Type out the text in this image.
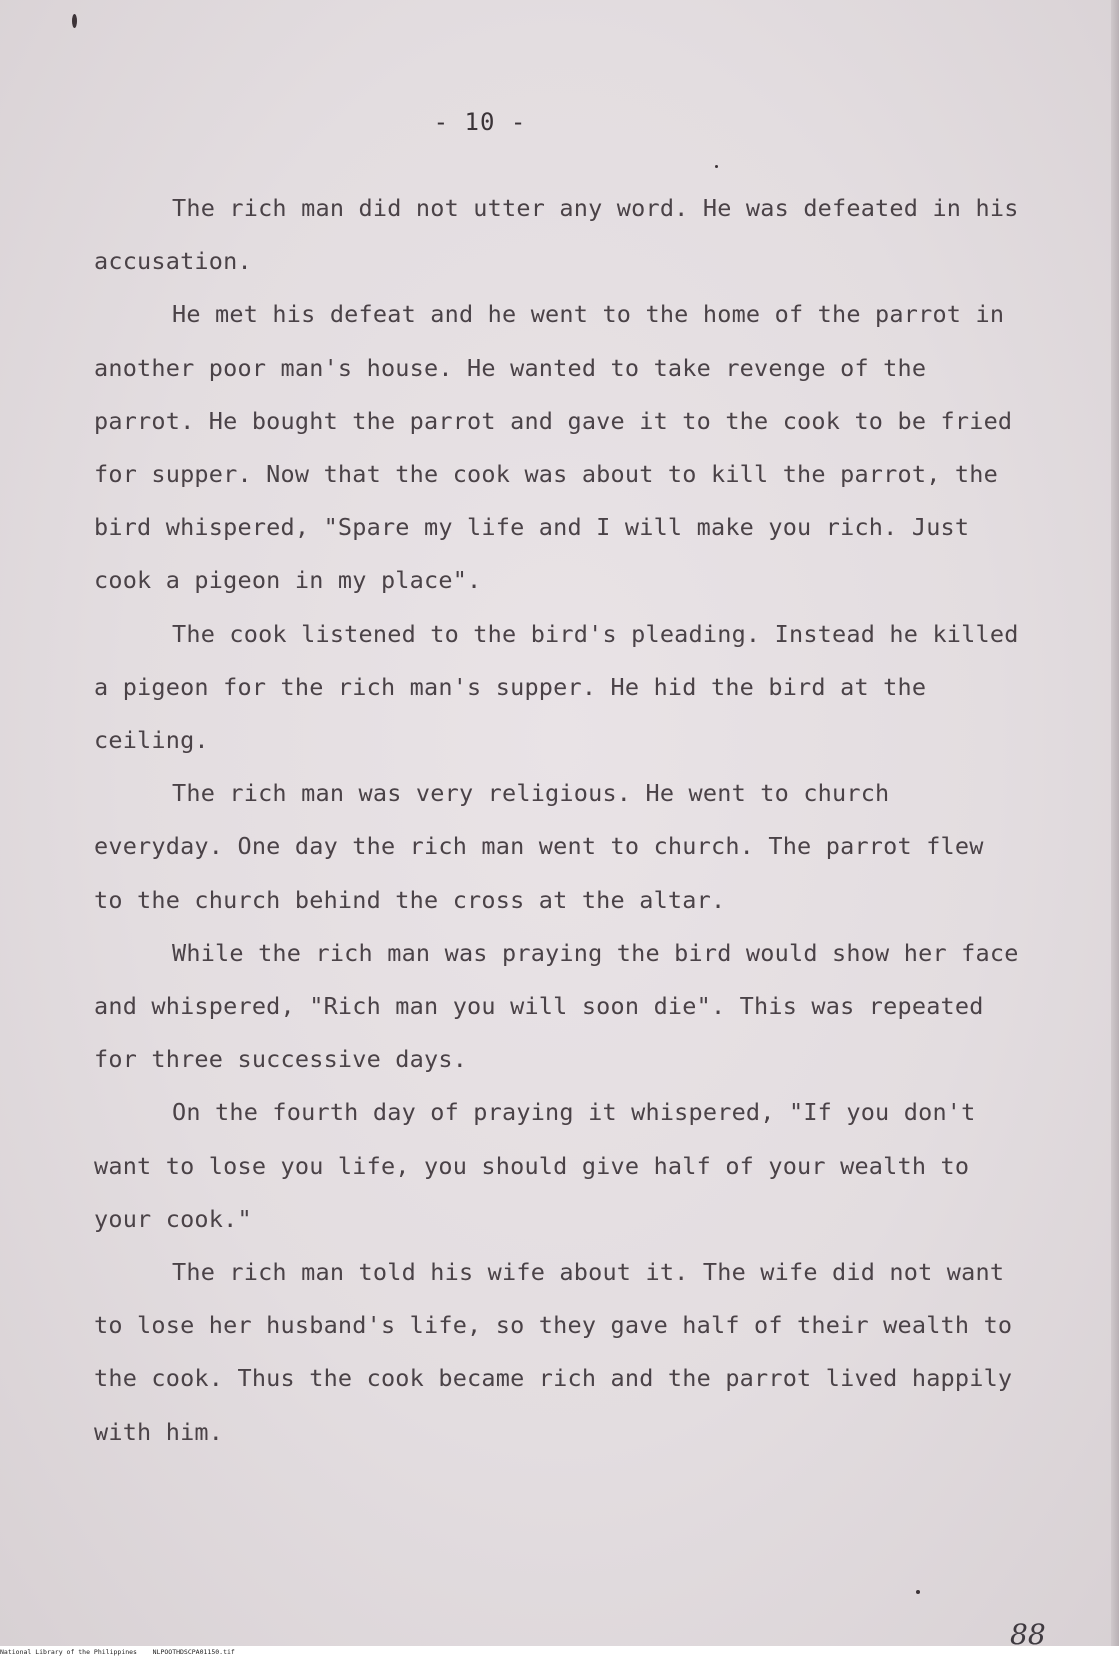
- 10 -

The rich man did not utter any word. He was defeated in his accusation.

He met his defeat and he went to the home of the parrot in another poor man's house. He wanted to take revenge of the parrot. He bought the parrot and gave it to the cook to be fried for supper. Now that the cook was about to kill the parrot, the bird whispered, "Spare my life and I will make you rich. Just cook a pigeon in my place".

The cook listened to the bird's pleading. Instead he killed a pigeon for the rich man's supper. He hid the bird at the ceiling.

The rich man was very religious. He went to church everyday. One day the rich man went to church. The parrot flew to the church behind the cross at the altar.

While the rich man was praying the bird would show her face and whispered, "Rich man you will soon die". This was repeated for three successive days.

On the fourth day of praying it whispered, "If you don't want to lose you life, you should give half of your wealth to your cook."

The rich man told his wife about it. The wife did not want to lose her husband's life, so they gave half of their wealth to the cook. Thus the cook became rich and the parrot lived happily with him.

88
National Library of the Philippines NLPOOTHDSCPA01150.tif
